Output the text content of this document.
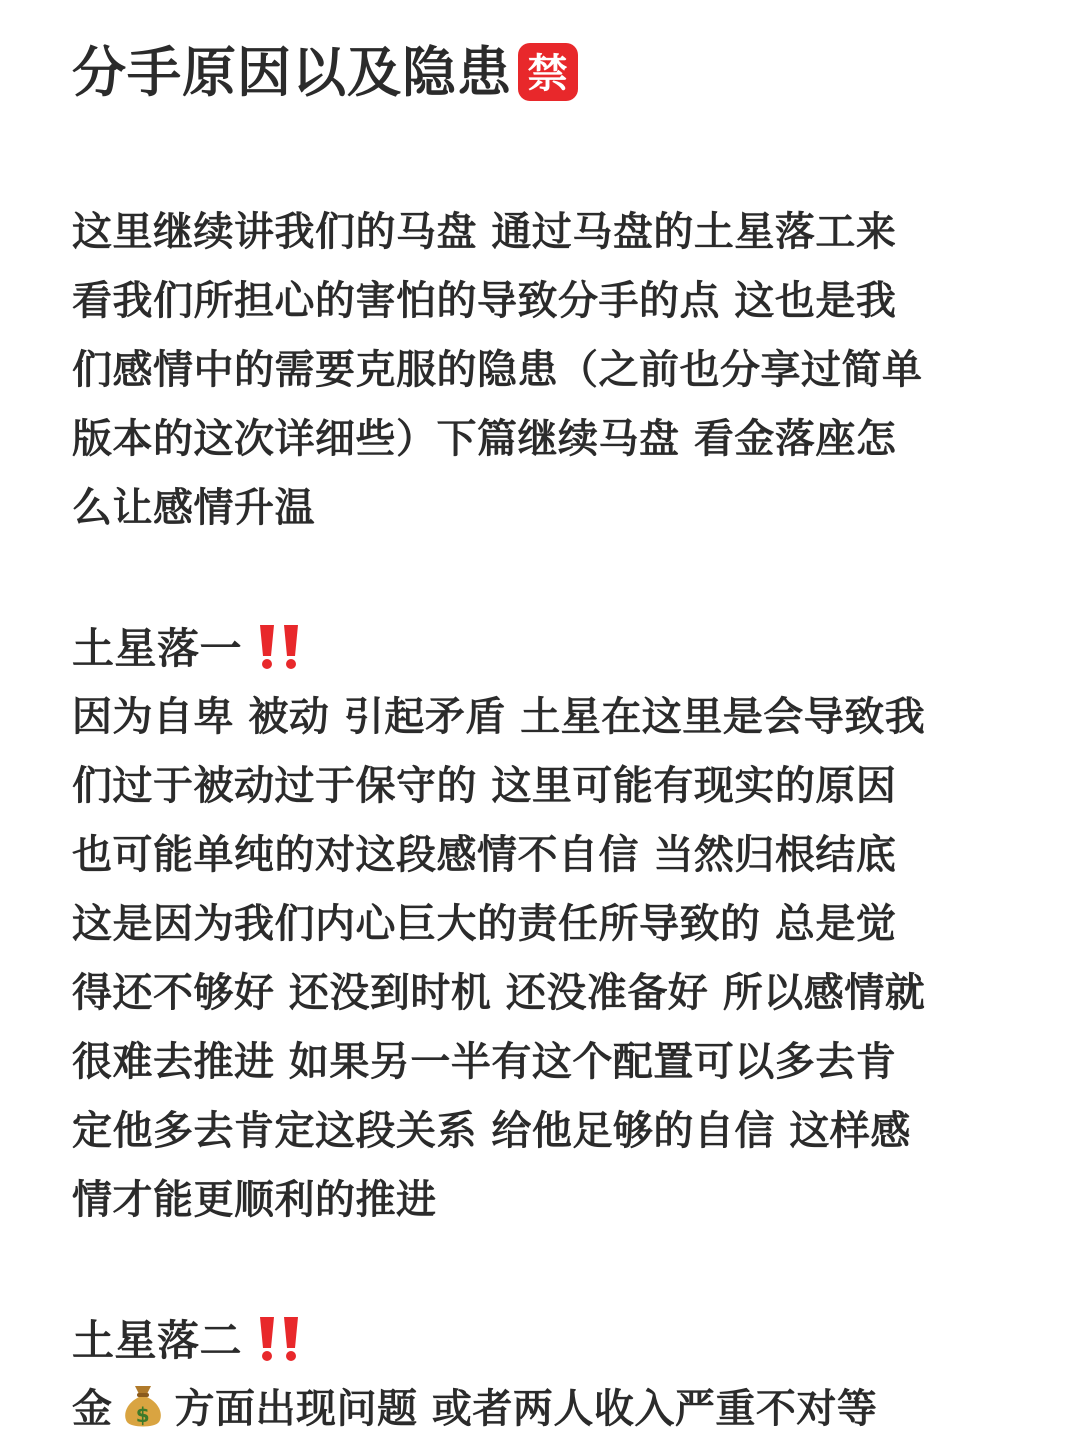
分手原因以及隐患 禁
这里继续讲我们的马盘 通过马盘的土星落工来
看我们所担心的害怕的导致分手的点 这也是我
们感情中的需要克服的隐患（之前也分享过简单
版本的这次详细些）下篇继续马盘 看金落座怎
么让感情升温
土星落一
因为自卑 被动 引起矛盾 土星在这里是会导致我
们过于被动过于保守的 这里可能有现实的原因
也可能单纯的对这段感情不自信 当然归根结底
这是因为我们内心巨大的责任所导致的 总是觉
得还不够好 还没到时机 还没准备好 所以感情就
很难去推进 如果另一半有这个配置可以多去肯
定他多去肯定这段关系 给他足够的自信 这样感
情才能更顺利的推进
土星落二
金 $ 方面出现问题 或者两人收入严重不对等
